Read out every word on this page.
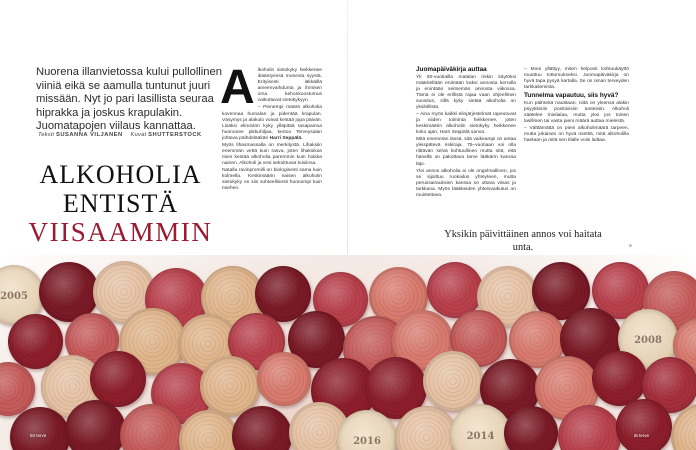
Nuorena illanvietossa kului pullollinen viiniä eikä se aamulla tuntunut juuri missään. Nyt jo pari lasillista seuraa hiprakka ja joskus krapulakin. Juomatapojen viilaus kannattaa.
Teksti SUSANNA VILJANEN Kuvat SHUTTERSTOCK
ALKOHOLIA
ENTISTÄ
VIISAAMMIN

Alkoholin sietokyky heikkenee ikääntyessä monesta syystä. Erityisesti iäkkäillä aineenvaihdunta ja ihmisen oma kehonkoostumus vaikuttavat sietokykyyn.

– Pienempi määrä alkoholia kovennaa humalan ja pidentää krapulan. Väsymys ja alakulo voivat kestää jopa päivän. Lisäksi elimistön kyky ylläpitää tasapainoa huononee pikkuhiljaa, kertoo Terveysalan johtava päihdelääkäri Harri Seppälä.

Myös lihasmassalla on merkitystä. Lihaksiin enemmän vettä kuin rasva, joten lihaksikas mies kestää alkoholia paremmin kuin hoikka nainen. Alkoholi ja vesi sekoittuvat toisiinsa.

Natalla ravinpromilli on biologisesti sama kuin kolmella. Keskimäärin naisen alkoholin sietokyky on siis suhteellisesti huonompi kuin miehen.

Juomapäiväkirja auttaa

Yli 60-vuotiailla matalan riskin käytöksi määritellään enintään kaksi annosta kerralla ja enintään seitsemän annosta viikossa. Tämä ei ole erillistä rajaa vaan ohjeellinen suositus, sillä kyky sietää alkoholia on yksilöllistä.

– Aina myös kaikki elinjärjestelmät rapeutuvat ja niiden toiminta heikkenee, joten keskimäärin alkoholin sietokyky heikkenee koko ajan, Harri Seppälä sanoo.

Mitä enemmän iässä, sitä vaikeampi on antaa yleispätevä riskiraja. 75–vuotiaan voi olla riittävän selvä kohtuullinen mutta sitä, että hänellä on pakottava tarve lääkärin kanssa läpi.

Ylei annos alkoholia ei ole ongelmallinen, jos se sijoittuu ruokailun yhteyteen, mutta perussairauksien kanssa on oltava viisas ja tarkkana. Myös lääkkeiden yhteisvaikutus on muistettava.

– Moni yllättyy, miten helposti kohtuukäyttö muuttuu tottumukseksi. Juomapäiväkirja on hyvä tapa pysyä kartalla. Se on oman terveyden tarkkailemista.

Tunnelma vapautuu, siis hyvä?

Kun päihteitä nautitaan, niitä on yleensä alakin psyykkisiin positiivisiin tunteisiin. Alkoholi säätelee mielialaa, mutta yksi jos toinen lasillinen tai vasta pieni määrä auttaa mielestä.

– Välttämättä on pieni alkoholimäärä tarpeen, mutta jokaisen on hyvä miettiä, mitä alkoholilla haetaan ja mitä sen tilalle voisi laittaa.

Yksikin päivittäinen annos voi haitata unta.	»
2005
2008
2016
2014
50 terve	ät terve
